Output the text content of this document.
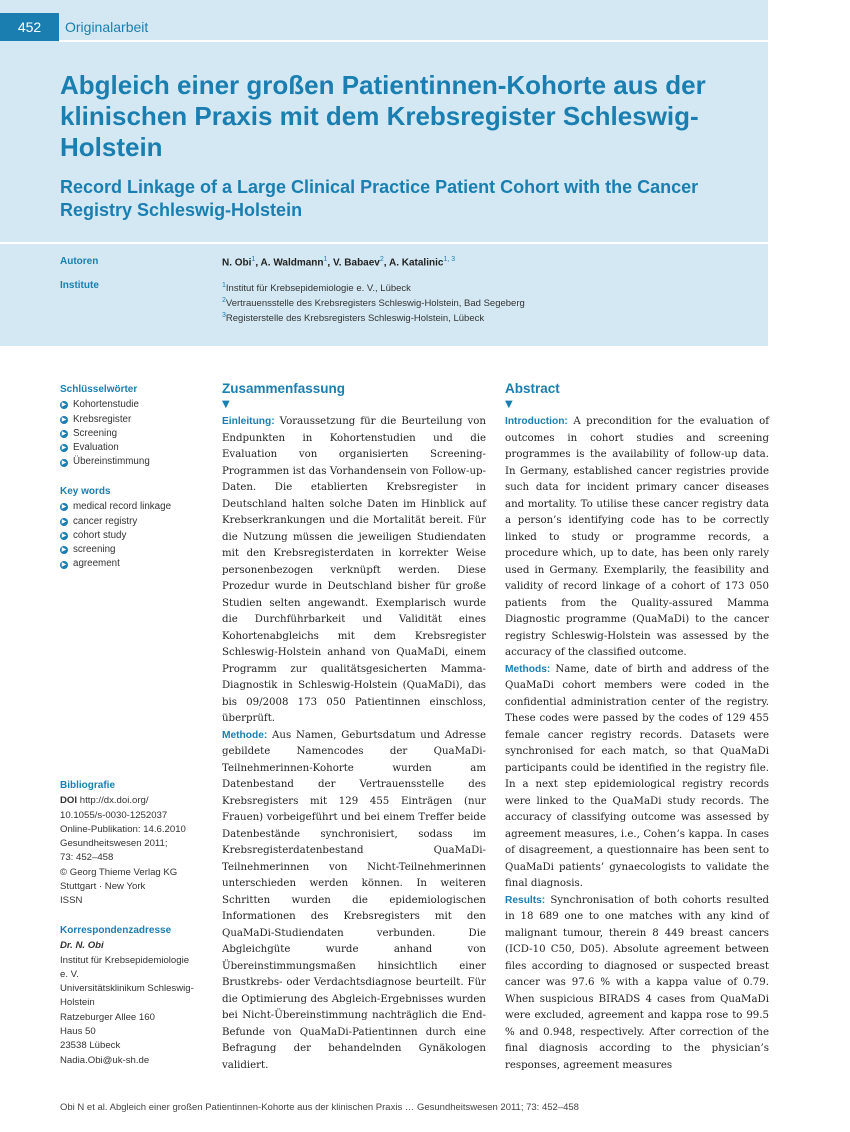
452	Originalarbeit
Abgleich einer großen Patientinnen-Kohorte aus der klinischen Praxis mit dem Krebsregister Schleswig-Holstein
Record Linkage of a Large Clinical Practice Patient Cohort with the Cancer Registry Schleswig-Holstein
Autoren	N. Obi$^1$, A. Waldmann$^1$, V. Babaev$^2$, A. Katalinic$^{1, 3}$
Institute	$^1$Institut für Krebsepidemiologie e. V., Lübeck
$^2$Vertrauensstelle des Krebsregisters Schleswig-Holstein, Bad Segeberg
$^3$Registerstelle des Krebsregisters Schleswig-Holstein, Lübeck
Schlüsselwörter
▶ Kohortenstudie
▶ Krebsregister
▶ Screening
▶ Evaluation
▶ Übereinstimmung
Key words
▶ medical record linkage
▶ cancer registry
▶ cohort study
▶ screening
▶ agreement
Bibliografie
DOI http://dx.doi.org/
10.1055/s-0030-1252037
Online-Publikation: 14.6.2010
Gesundheitswesen 2011;
73: 452–458
© Georg Thieme Verlag KG
Stuttgart · New York
ISSN
Korrespondenzadresse
Dr. N. Obi
Institut für Krebsepidemiologie
e. V.
Universitätsklinikum Schleswig-
Holstein
Ratzeburger Allee 160
Haus 50
23538 Lübeck
Nadia.Obi@uk-sh.de
Zusammenfassung
▼

Einleitung: Voraussetzung für die Beurteilung von Endpunkten in Kohortenstudien und die Evaluation von organisierten Screening-Programmen ist das Vorhandensein von Follow-up-Daten. Die etablierten Krebsregister in Deutschland halten solche Daten im Hinblick auf Krebserkrankungen und die Mortalität bereit. Für die Nutzung müssen die jeweiligen Studiendaten mit den Krebsregisterdaten in korrekter Weise personenbezogen verknüpft werden. Diese Prozedur wurde in Deutschland bisher für große Studien selten angewandt. Exemplarisch wurde die Durchführbarkeit und Validität eines Kohortenabgleichs mit dem Krebsregister Schleswig-Holstein anhand von QuaMaDi, einem Programm zur qualitätsgesicherten Mamma-Diagnostik in Schleswig-Holstein (QuaMaDi), das bis 09/2008 173 050 Patientinnen einschloss, überprüft.

Methode: Aus Namen, Geburtsdatum und Adresse gebildete Namencodes der QuaMaDi-Teilnehmerinnen-Kohorte wurden am Datenbestand der Vertrauensstelle des Krebsregisters mit 129 455 Einträgen (nur Frauen) vorbeigeführt und bei einem Treffer beide Datenbestände synchronisiert, sodass im Krebsregisterdatenbestand QuaMaDi-Teilnehmerinnen von Nicht-Teilnehmerinnen unterschieden werden können. In weiteren Schritten wurden die epidemiologischen Informationen des Krebsregisters mit den QuaMaDi-Studiendaten verbunden. Die Abgleichgüte wurde anhand von Übereinstimmungsmaßen hinsichtlich einer Brustkrebs- oder Verdachtsdiagnose beurteilt. Für die Optimierung des Abgleich-Ergebnisses wurden bei Nicht-Übereinstimmung nachträglich die End-Befunde von QuaMaDi-Patientinnen durch eine Befragung der behandelnden Gynäkologen validiert.

Abstract
▼

Introduction: A precondition for the evaluation of outcomes in cohort studies and screening programmes is the availability of follow-up data. In Germany, established cancer registries provide such data for incident primary cancer diseases and mortality. To utilise these cancer registry data a person’s identifying code has to be correctly linked to study or programme records, a procedure which, up to date, has been only rarely used in Germany. Exemplarily, the feasibility and validity of record linkage of a cohort of 173 050 patients from the Quality-assured Mamma Diagnostic programme (QuaMaDi) to the cancer registry Schleswig-Holstein was assessed by the accuracy of the classified outcome.

Methods: Name, date of birth and address of the QuaMaDi cohort members were coded in the confidential administration center of the registry. These codes were passed by the codes of 129 455 female cancer registry records. Datasets were synchronised for each match, so that QuaMaDi participants could be identified in the registry file. In a next step epidemiological registry records were linked to the QuaMaDi study records. The accuracy of classifying outcome was assessed by agreement measures, i.e., Cohen’s kappa. In cases of disagreement, a questionnaire has been sent to QuaMaDi patients’ gynaecologists to validate the final diagnosis.

Results: Synchronisation of both cohorts resulted in 18 689 one to one matches with any kind of malignant tumour, therein 8 449 breast cancers (ICD-10 C50, D05). Absolute agreement between files according to diagnosed or suspected breast cancer was 97.6 % with a kappa value of 0.79. When suspicious BIRADS 4 cases from QuaMaDi were excluded, agreement and kappa rose to 99.5 % and 0.948, respectively. After correction of the final diagnosis according to the physician’s responses, agreement measures

Obi N et al. Abgleich einer großen Patientinnen-Kohorte aus der klinischen Praxis … Gesundheitswesen 2011; 73: 452–458
